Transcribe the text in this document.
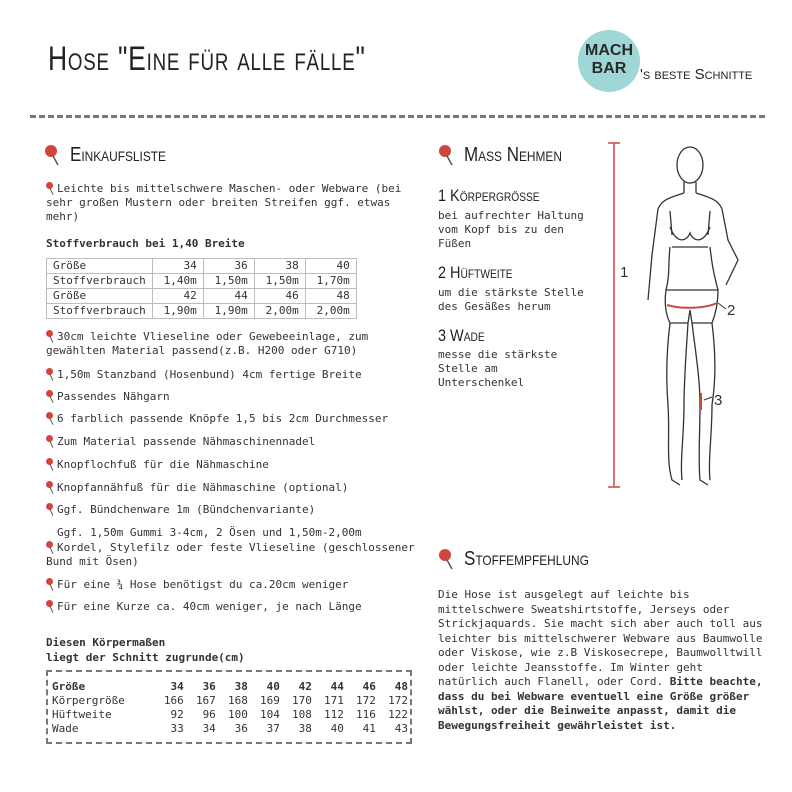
Hose "Eine für alle fälle"	MACH
BAR 's beste Schnitte
Einkaufsliste
Leichte bis mittelschwere Maschen- oder Webware (bei sehr großen Mustern oder breiten Streifen ggf. etwas mehr)
Stoffverbrauch bei 1,40 Breite
Größe	34	36	38	40
Stoffverbrauch	1,40m	1,50m	1,50m	1,70m
Größe	42	44	46	48
Stoffverbrauch	1,90m	1,90m	2,00m	2,00m
30cm leichte Vlieseline oder Gewebeeinlage, zum gewählten Material passend(z.B. H200 oder G710)
1,50m Stanzband (Hosenbund) 4cm fertige Breite
Passendes Nähgarn
6 farblich passende Knöpfe 1,5 bis 2cm Durchmesser
Zum Material passende Nähmaschinennadel
Knopflochfuß für die Nähmaschine
Knopfannähfuß für die Nähmaschine (optional)
Ggf. Bündchenware 1m (Bündchenvariante)
Ggf. 1,50m Gummi 3-4cm, 2 Ösen und 1,50m-2,00m
Kordel, Stylefilz oder feste Vlieseline (geschlossener Bund mit Ösen)
Für eine ¾ Hose benötigst du ca.20cm weniger
Für eine Kurze ca. 40cm weniger, je nach Länge
Diesen Körpermaßen
liegt der Schnitt zugrunde(cm)
Größe	34	36	38	40	42	44	46	48
Körpergröße	166	167	168	169	170	171	172	172
Hüftweite	92	96	100	104	108	112	116	122
Wade	33	34	36	37	38	40	41	43
Maß Nehmen
1 Körpergröße
bei aufrechter Haltung vom Kopf bis zu den Füßen
2 Hüftweite
um die stärkste Stelle des Gesäßes herum
3 Wade
messe die stärkste Stelle am Unterschenkel
1
2
3
Stoffempfehlung
Die Hose ist ausgelegt auf leichte bis mittelschwere Sweatshirtstoffe, Jerseys oder Strickjaquards. Sie macht sich aber auch toll aus leichter bis mittelschwerer Webware aus Baumwolle oder Viskose, wie z.B Viskosecrepe, Baumwolltwill oder leichte Jeansstoffe. Im Winter geht natürlich auch Flanell, oder Cord. Bitte beachte, dass du bei Webware eventuell eine Größe größer wählst, oder die Beinweite anpasst, damit die Bewegungsfreiheit gewährleistet ist.
